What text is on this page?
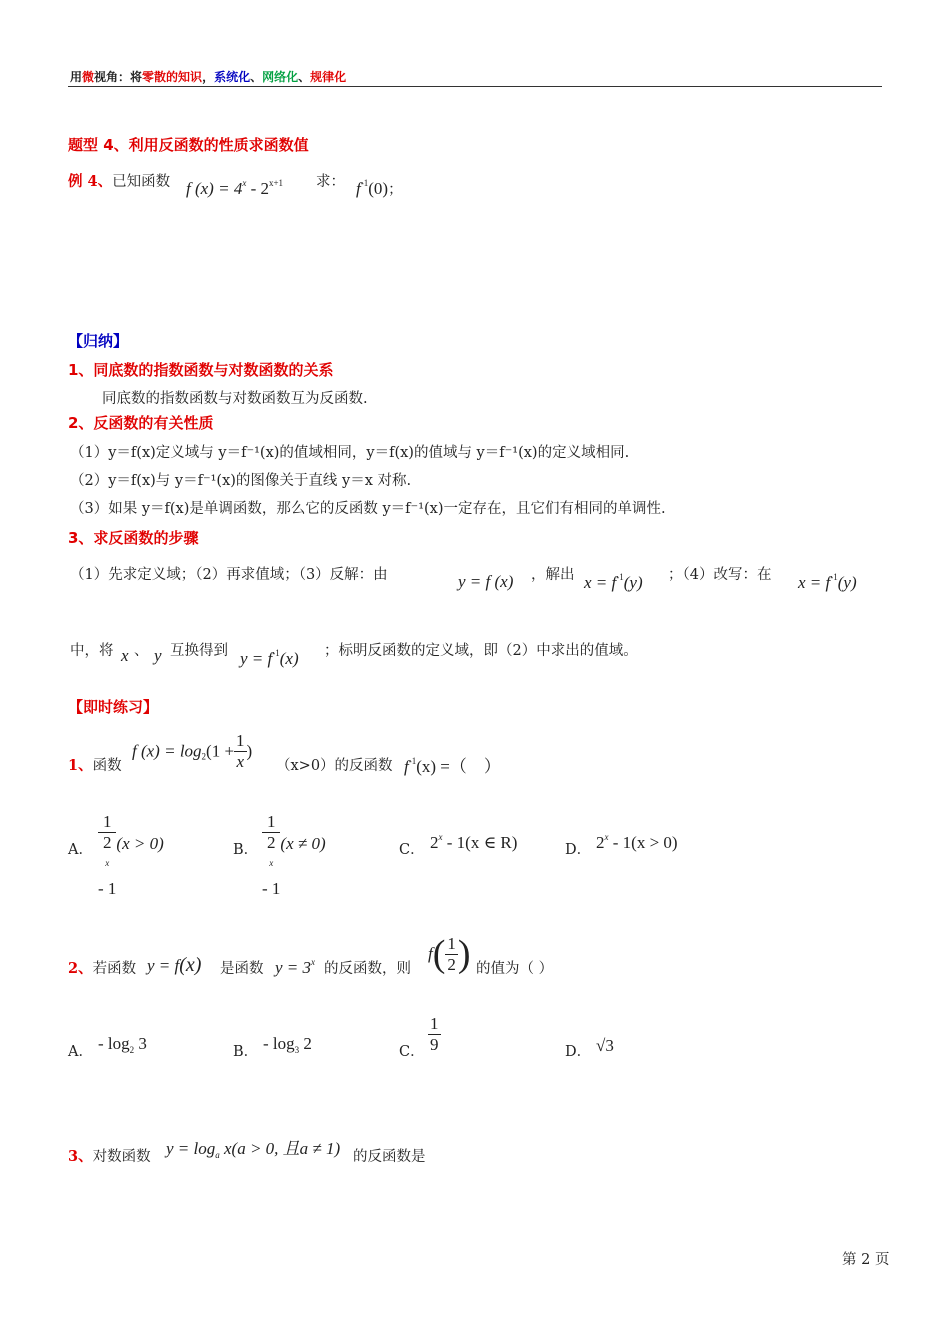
用微视角：将零散的知识，系统化、网络化、规律化
题型 4、利用反函数的性质求函数值
例 4、已知函数 f $(x) = 4^x - 2^{x+1}$ 求： $f^{-1}(0)$；
【归纳】
1、同底数的指数函数与对数函数的关系
同底数的指数函数与对数函数互为反函数.
2、反函数的有关性质
（1）y＝f(x)定义域与 y＝f⁻¹(x)的值域相同，y＝f(x)的值域与 y＝f⁻¹(x)的定义域相同.
（2）y＝f(x)与 y＝f⁻¹(x)的图像关于直线 y＝x 对称.
（3）如果 y＝f(x)是单调函数，那么它的反函数 y＝f⁻¹(x)一定存在，且它们有相同的单调性.
3、求反函数的步骤
（1）先求定义域；（2）再求值域；（3）反解：由	y = f (x) ，解出 $x = f^{-1}(y)$ ；（4）改写：在 $x = f^{-1}(y)$
中，将 x 、 y 互换得到 $y = f^{-1}(x)$ ；标明反函数的定义域，即（2）中求出的值域。
【即时练习】
1、函数
f $(x) = \log_2(1 + \frac{1}{x}$ )
（x>0）的反函数 $f^{-1}(x)$ =（　）
A． 1
2
$^x$
- 1 (x > 0)	B． 1
2
$^x$
- 1 (x ≠ 0)	C． 2$^x$ - 1(x ∈ R)	D． 2$^x$ - 1(x > 0)
2、若函数 y = f(x) 是函数 $y = 3^x$ 的反函数，则
$f( \frac{1}{2}$ ) 的值为（ ）
A． - $\log_2 3$	B． - $\log_3 2$	C． $\frac{1}{9}$	D． √3
3、对数函数 $y = \log_a x(a > 0$, 且a ≠ 1) 的反函数是
第 2 页
